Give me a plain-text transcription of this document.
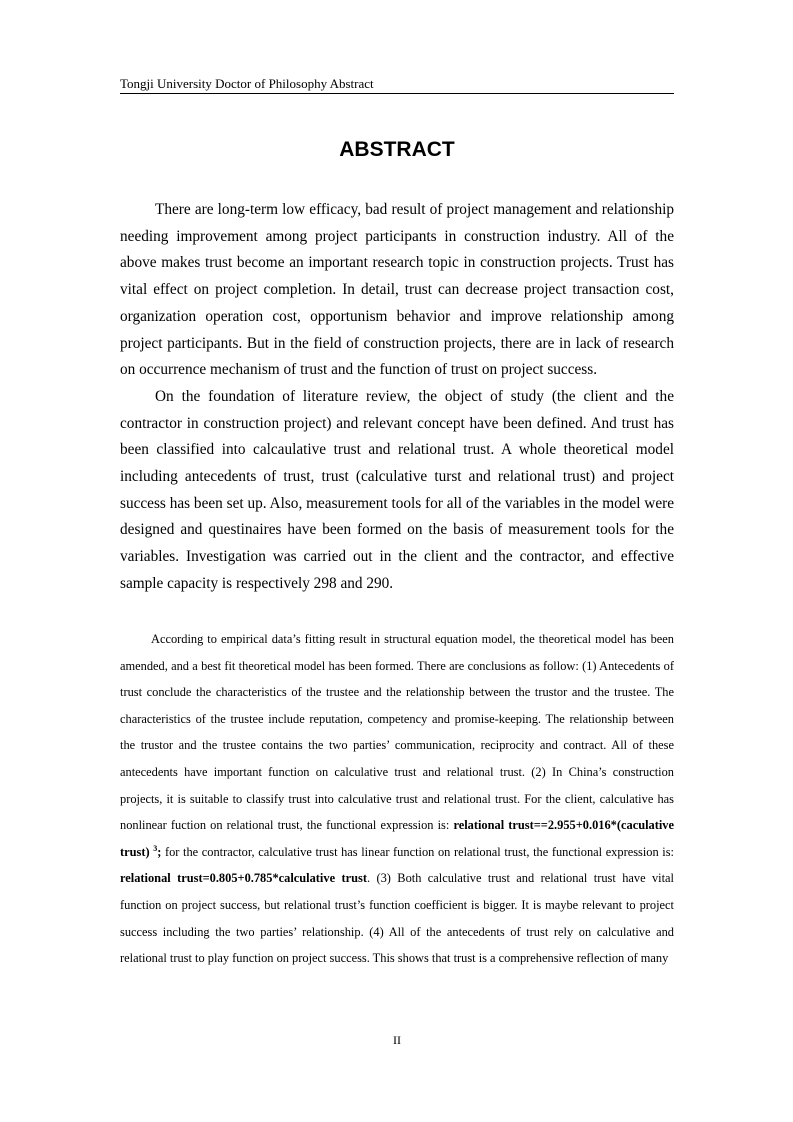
Tongji University Doctor of Philosophy Abstract
ABSTRACT

There are long-term low efficacy, bad result of project management and relationship needing improvement among project participants in construction industry. All of the above makes trust become an important research topic in construction projects. Trust has vital effect on project completion. In detail, trust can decrease project transaction cost, organization operation cost, opportunism behavior and improve relationship among project participants. But in the field of construction projects, there are in lack of research on occurrence mechanism of trust and the function of trust on project success.

On the foundation of literature review, the object of study (the client and the contractor in construction project) and relevant concept have been defined. And trust has been classified into calcaulative trust and relational trust. A whole theoretical model including antecedents of trust, trust (calculative turst and relational trust) and project success has been set up. Also, measurement tools for all of the variables in the model were designed and questinaires have been formed on the basis of measurement tools for the variables. Investigation was carried out in the client and the contractor, and effective sample capacity is respectively 298 and 290.

According to empirical data’s fitting result in structural equation model, the theoretical model has been amended, and a best fit theoretical model has been formed. There are conclusions as follow: (1) Antecedents of trust conclude the characteristics of the trustee and the relationship between the trustor and the trustee. The characteristics of the trustee include reputation, competency and promise-keeping. The relationship between the trustor and the trustee contains the two parties’ communication, reciprocity and contract. All of these antecedents have important function on calculative trust and relational trust. (2) In China’s construction projects, it is suitable to classify trust into calculative trust and relational trust. For the client, calculative has nonlinear fuction on relational trust, the functional expression is: relational trust==2.955+0.016*(caculative trust) $^3$; for the contractor, calculative trust has linear function on relational trust, the functional expression is: relational trust=0.805+0.785*calculative trust. (3) Both calculative trust and relational trust have vital function on project success, but relational trust’s function coefficient is bigger. It is maybe relevant to project success including the two parties’ relationship. (4) All of the antecedents of trust rely on calculative and relational trust to play function on project success. This shows that trust is a comprehensive reflection of many

II
